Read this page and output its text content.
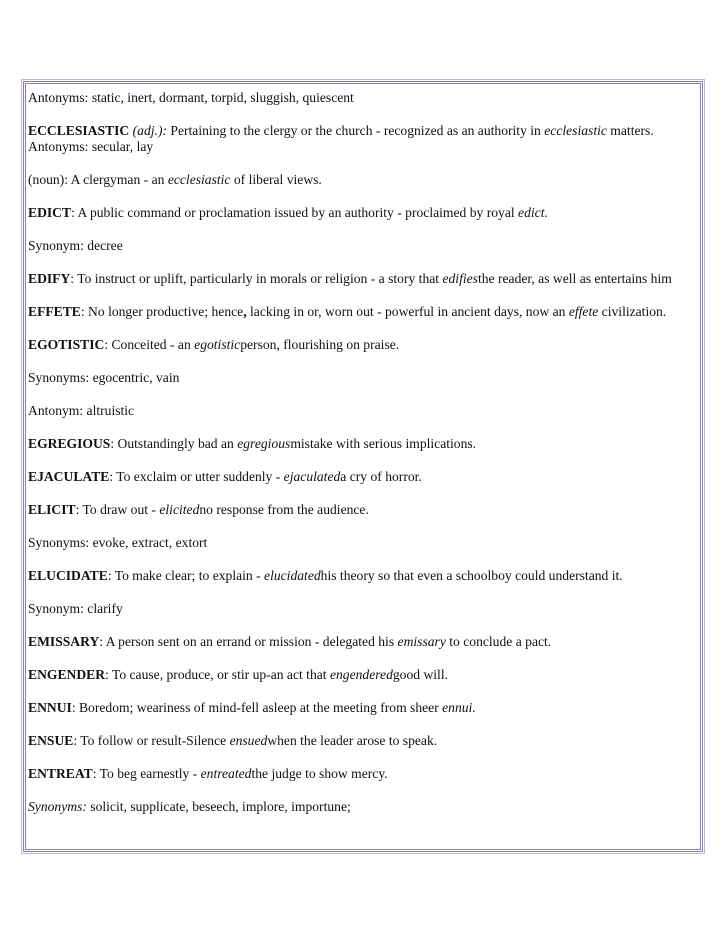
Antonyms: static, inert, dormant, torpid, sluggish, quiescent

ECCLESIASTIC (adj.): Pertaining to the clergy or the church - recognized as an authority in ecclesiastic matters.

Antonyms: secular, lay

(noun): A clergyman - an ecclesiastic of liberal views.

EDICT: A public command or proclamation issued by an authority - proclaimed by royal edict.

Synonym: decree

EDIFY: To instruct or uplift, particularly in morals or religion - a story that edifiesthe reader, as well as entertains him

EFFETE: No longer productive; hence, lacking in or, worn out - powerful in ancient days, now an effete civilization.

EGOTISTIC: Conceited - an egotisticperson, flourishing on praise.

Synonyms: egocentric, vain

Antonym: altruistic

EGREGIOUS: Outstandingly bad an egregiousmistake with serious implications.

EJACULATE: To exclaim or utter suddenly - ejaculateda cry of horror.

ELICIT: To draw out - elicitedno response from the audience.

Synonyms: evoke, extract, extort

ELUCIDATE: To make clear; to explain - elucidatedhis theory so that even a schoolboy could understand it.

Synonym: clarify

EMISSARY: A person sent on an errand or mission - delegated his emissary to conclude a pact.

ENGENDER: To cause, produce, or stir up-an act that engenderedgood will.

ENNUI: Boredom; weariness of mind-fell asleep at the meeting from sheer ennui.

ENSUE: To follow or result-Silence ensuedwhen the leader arose to speak.

ENTREAT: To beg earnestly - entreatedthe judge to show mercy.

Synonyms: solicit, supplicate, beseech, implore, importune;
